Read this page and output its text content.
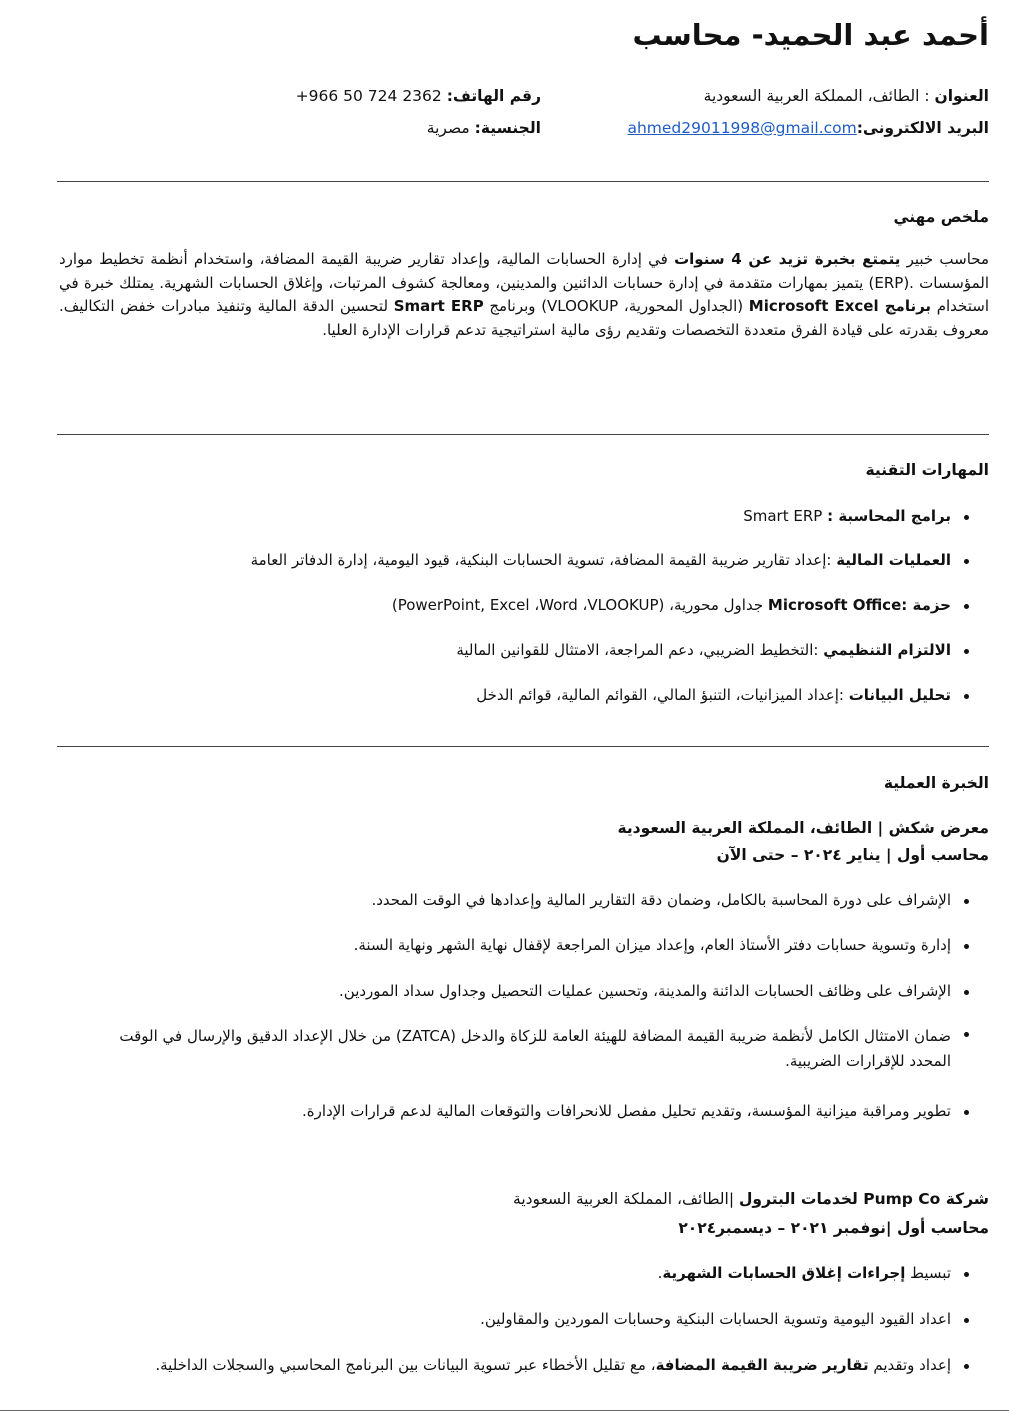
أحمد عبد الحميد- محاسب
العنوان : الطائف، المملكة العربية السعودية
رقم الهاتف: +966 50 724 2362
البريد الالكترونى:ahmed29011998@gmail.com
الجنسية: مصرية
ملخص مهني
محاسب خبير يتمتع بخبرة تزيد عن 4 سنوات في إدارة الحسابات المالية، وإعداد تقارير ضريبة القيمة المضافة، واستخدام أنظمة تخطيط موارد المؤسسات (ERP). يتميز بمهارات متقدمة في إدارة حسابات الدائنين والمدينين، ومعالجة كشوف المرتبات، وإغلاق الحسابات الشهرية. يمتلك خبرة في استخدام برنامج Microsoft Excel (الجداول المحورية، VLOOKUP) وبرنامج Smart ERP لتحسين الدقة المالية وتنفيذ مبادرات خفض التكاليف. معروف بقدرته على قيادة الفرق متعددة التخصصات وتقديم رؤى مالية استراتيجية تدعم قرارات الإدارة العليا.
المهارات التقنية
برامج المحاسبة : Smart ERP
العمليات المالية :إعداد تقارير ضريبة القيمة المضافة، تسوية الحسابات البنكية، قيود اليومية، إدارة الدفاتر العامة
حزمة :Microsoft Office جداول محورية، (PowerPoint, Excel ،Word ،VLOOKUP)
الالتزام التنظيمي :التخطيط الضريبي، دعم المراجعة، الامتثال للقوانين المالية
تحليل البيانات :إعداد الميزانيات، التنبؤ المالي، القوائم المالية، قوائم الدخل
الخبرة العملية
معرض شكش | الطائف، المملكة العربية السعودية
محاسب أول | يناير ٢٠٢٤ – حتى الآن
الإشراف على دورة المحاسبة بالكامل، وضمان دقة التقارير المالية وإعدادها في الوقت المحدد.
إدارة وتسوية حسابات دفتر الأستاذ العام، وإعداد ميزان المراجعة لإقفال نهاية الشهر ونهاية السنة.
الإشراف على وظائف الحسابات الدائنة والمدينة، وتحسين عمليات التحصيل وجداول سداد الموردين.
ضمان الامتثال الكامل لأنظمة ضريبة القيمة المضافة للهيئة العامة للزكاة والدخل (ZATCA) من خلال الإعداد الدقيق والإرسال في الوقت المحدد للإقرارات الضريبية.
تطوير ومراقبة ميزانية المؤسسة، وتقديم تحليل مفصل للانحرافات والتوقعات المالية لدعم قرارات الإدارة.
شركة Pump Co لخدمات البترول |الطائف، المملكة العربية السعودية
محاسب أول |نوفمبر ٢٠٢١ – ديسمبر٢٠٢٤
تبسيط إجراءات إغلاق الحسابات الشهرية.
اعداد القيود اليومية وتسوية الحسابات البنكية وحسابات الموردين والمقاولين.
إعداد وتقديم تقارير ضريبة القيمة المضافة، مع تقليل الأخطاء عبر تسوية البيانات بين البرنامج المحاسبي والسجلات الداخلية.
